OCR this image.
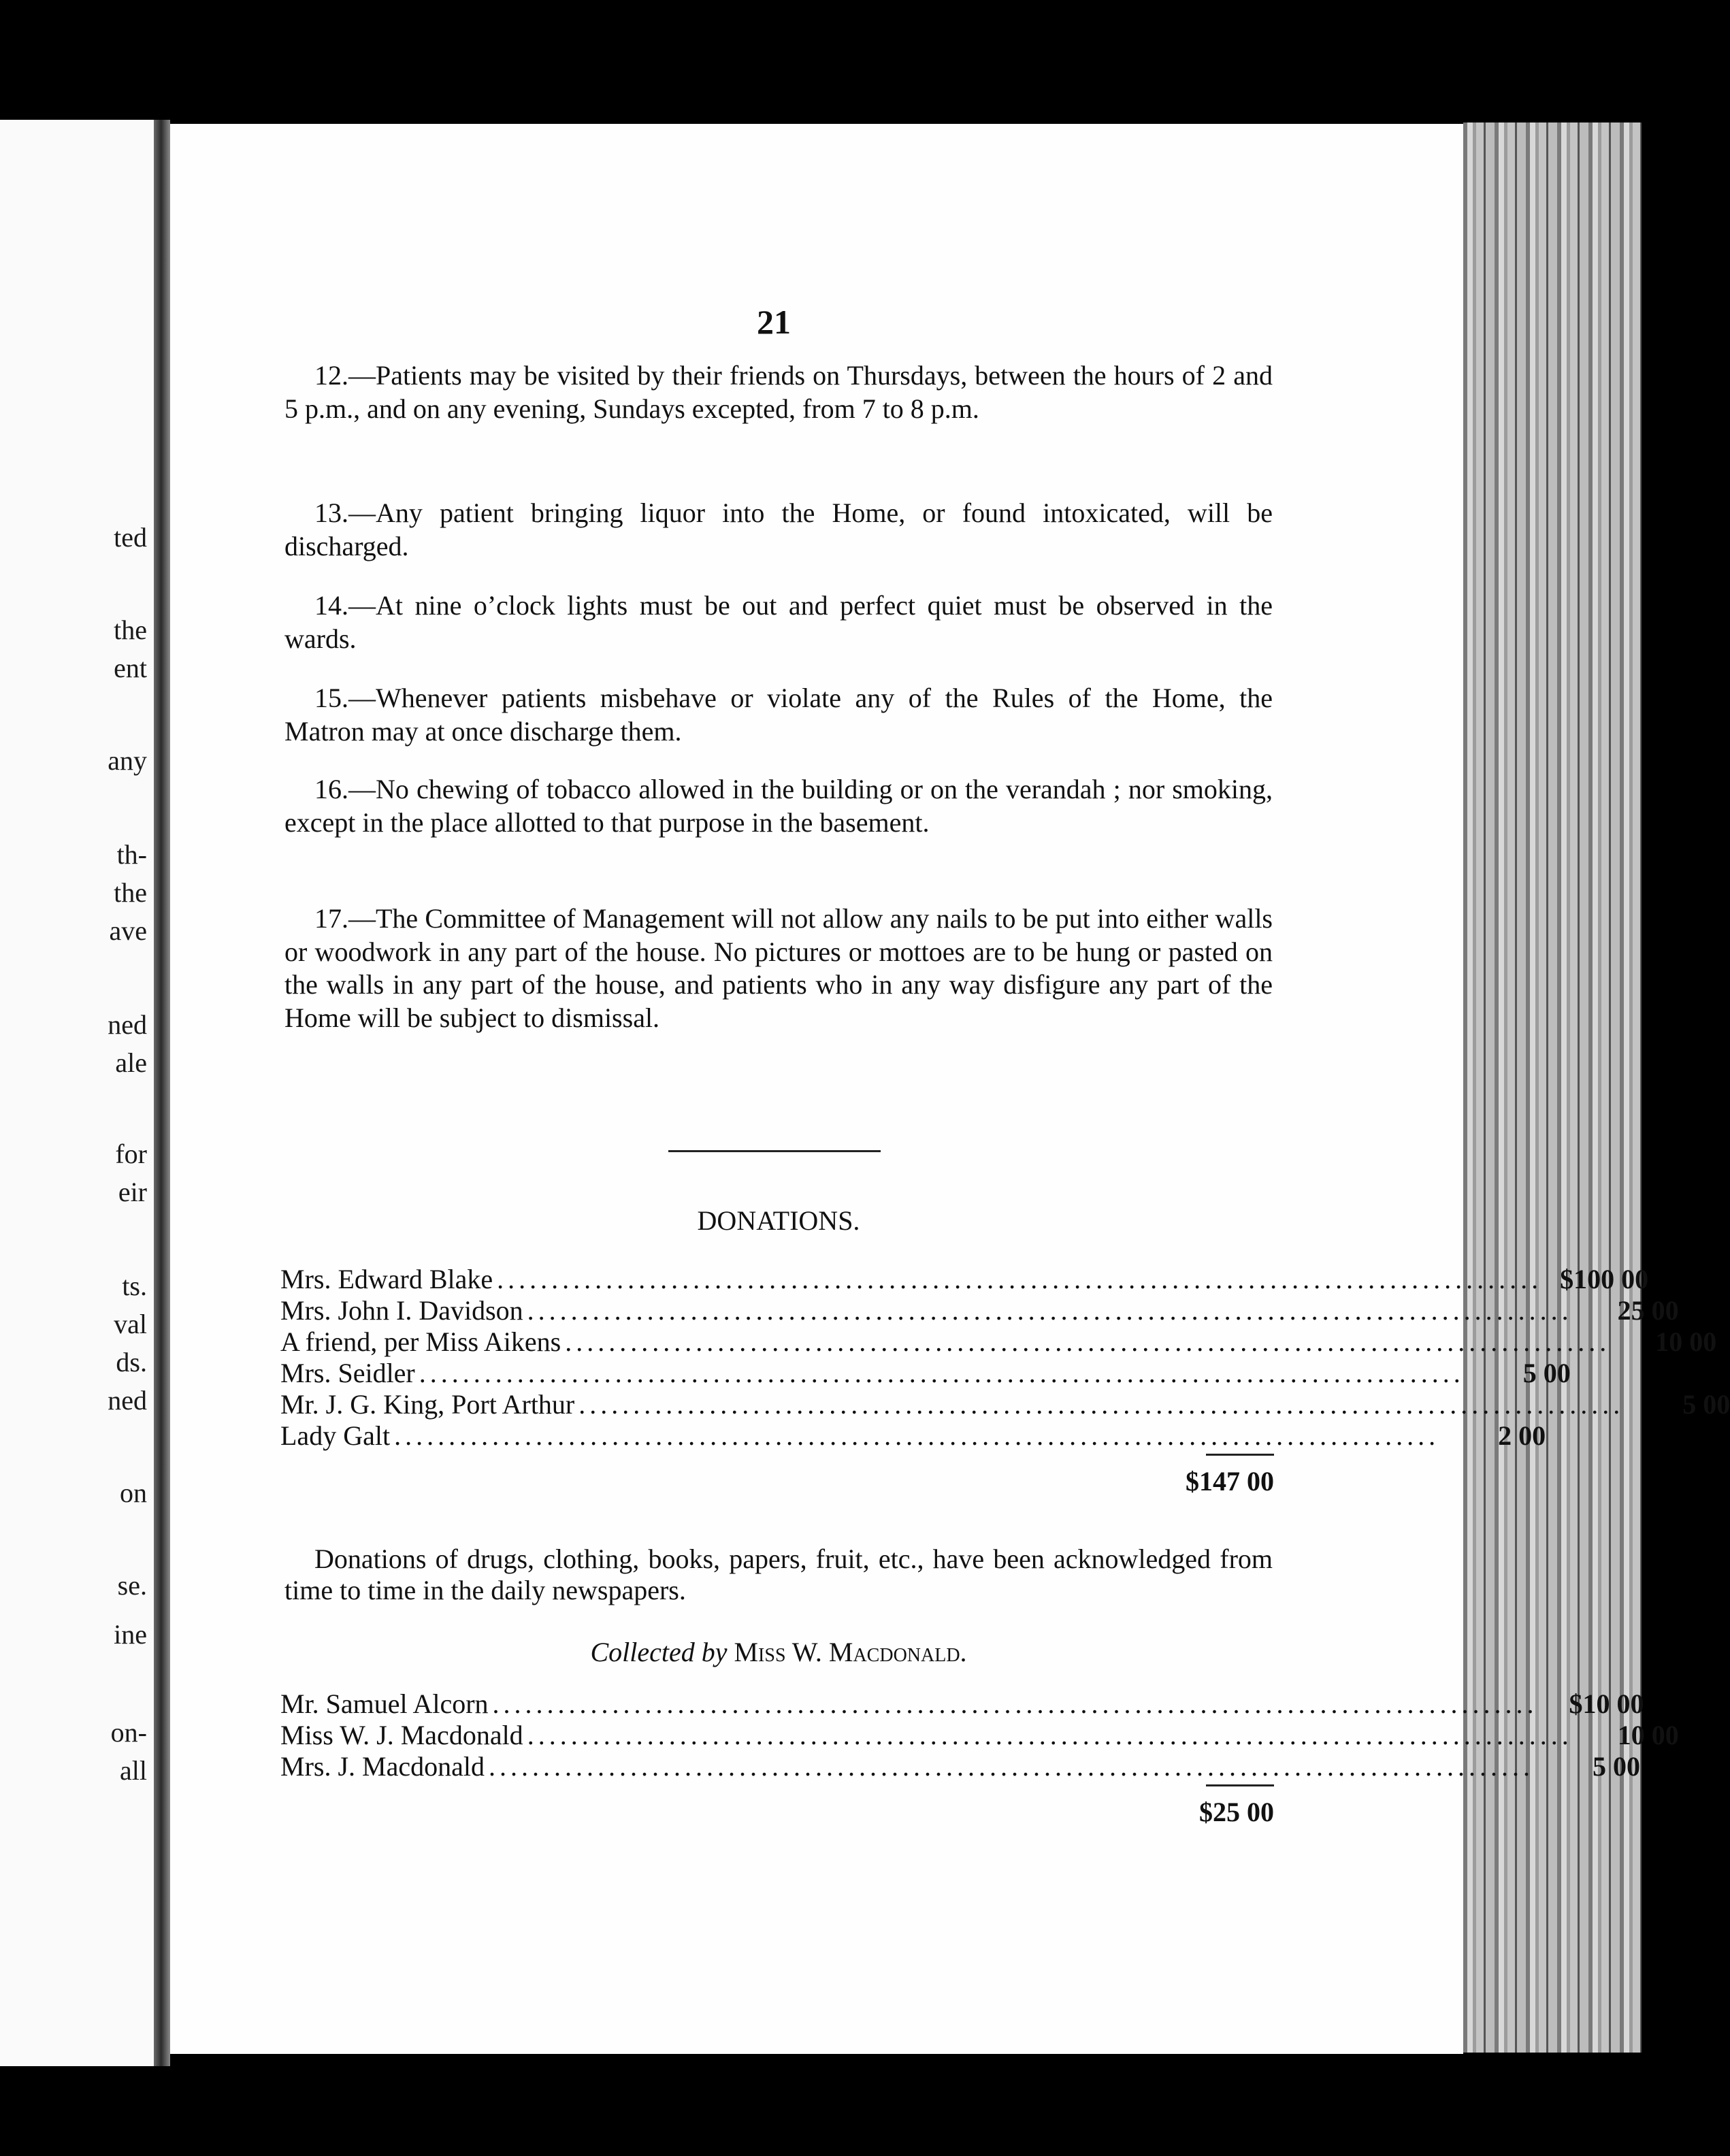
ted
the
ent
any
th-
the
ave
ned
ale
for
eir
ts.
val
ds.
ned
on
se.
ine
on-
all
21

12.—Patients may be visited by their friends on Thursdays, between the hours of 2 and 5 p.m., and on any evening, Sundays excepted, from 7 to 8 p.m.

13.—Any patient bringing liquor into the Home, or found intoxicated, will be discharged.

14.—At nine o’clock lights must be out and perfect quiet must be observed in the wards.

15.—Whenever patients misbehave or violate any of the Rules of the Home, the Matron may at once discharge them.

16.—No chewing of tobacco allowed in the building or on the verandah ; nor smoking, except in the place allotted to that purpose in the basement.

17.—The Committee of Management will not allow any nails to be put into either walls or woodwork in any part of the house. No pictures or mottoes are to be hung or pasted on the walls in any part of the house, and patients who in any way disfigure any part of the Home will be subject to dismissal.

DONATIONS.
Mrs. Edward Blake ................................................................................................ $100 00
Mrs. John I. Davidson ................................................................................................	25 00
A friend, per Miss Aikens ................................................................................................	10 00
Mrs. Seidler ................................................................................................	5 00
Mr. J. G. King, Port Arthur ................................................................................................	5 00
Lady Galt ................................................................................................	2 00
$147 00

Donations of drugs, clothing, books, papers, fruit, etc., have been acknowledged from time to time in the daily newspapers.

Collected by Miss W. Macdonald.
Mr. Samuel Alcorn ................................................................................................	$10 00
Miss W. J. Macdonald ................................................................................................	10 00
Mrs. J. Macdonald ................................................................................................	5 00
$25 00
